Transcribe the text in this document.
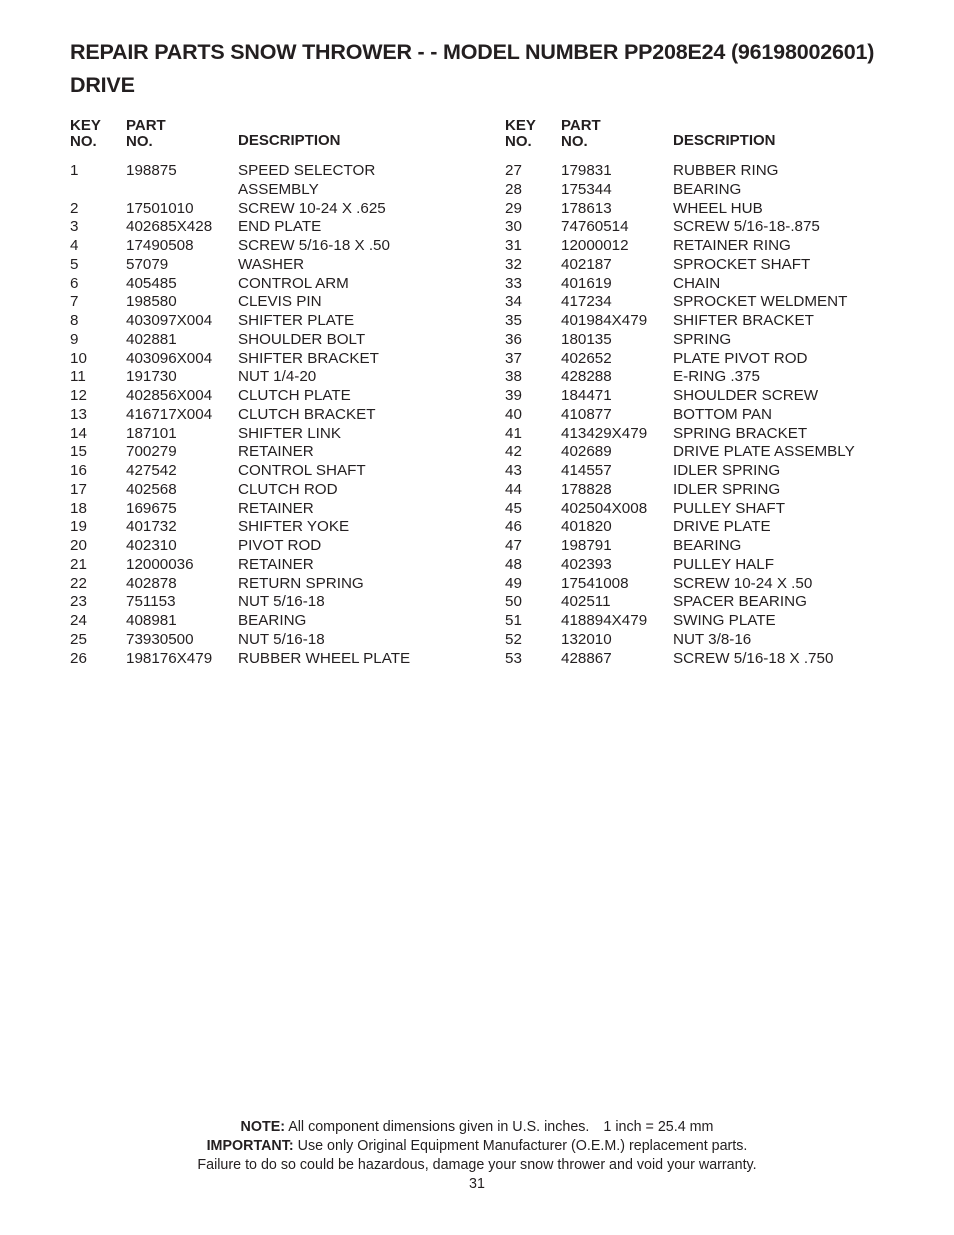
REPAIR PARTS SNOW THROWER - - MODEL NUMBER PP208E24 (96198002601)
DRIVE
KEY
NO.
PART
NO.	DESCRIPTION
1	198875	SPEED SELECTOR
ASSEMBLY
2	17501010	SCREW 10-24 X .625
3	402685X428 END PLATE
4	17490508	SCREW 5/16-18 X .50
5	57079	WASHER
6	405485	CONTROL ARM
7	198580	CLEVIS PIN
8	403097X004 SHIFTER PLATE
9	402881	SHOULDER BOLT
10	403096X004 SHIFTER BRACKET
11	191730	NUT 1/4-20
12	402856X004 CLUTCH PLATE
13	416717X004 CLUTCH BRACKET
14	187101	SHIFTER LINK
15	700279	RETAINER
16	427542	CONTROL SHAFT
17	402568	CLUTCH ROD
18	169675	RETAINER
19	401732	SHIFTER YOKE
20	402310	PIVOT ROD
21	12000036	RETAINER
22	402878	RETURN SPRING
23	751153	NUT 5/16-18
24	408981	BEARING
25	73930500	NUT 5/16-18
26	198176X479 RUBBER WHEEL PLATE
KEY
NO.
PART
NO.	DESCRIPTION
27	179831	RUBBER RING
28	175344	BEARING
29	178613	WHEEL HUB
30	74760514	SCREW 5/16-18-.875
31	12000012	RETAINER RING
32	402187	SPROCKET SHAFT
33	401619	CHAIN
34	417234	SPROCKET WELDMENT
35	401984X479 SHIFTER BRACKET
36	180135	SPRING
37	402652	PLATE PIVOT ROD
38	428288	E-RING .375
39	184471	SHOULDER SCREW
40	410877	BOTTOM PAN
41	413429X479 SPRING BRACKET
42	402689	DRIVE PLATE ASSEMBLY
43	414557	IDLER SPRING
44	178828	IDLER SPRING
45	402504X008 PULLEY SHAFT
46	401820	DRIVE PLATE
47	198791	BEARING
48	402393	PULLEY HALF
49	17541008	SCREW 10-24 X .50
50	402511	SPACER BEARING
51	418894X479 SWING PLATE
52	132010	NUT 3/8-16
53	428867	SCREW 5/16-18 X .750
NOTE: All component dimensions given in U.S. inches. 1 inch = 25.4 mm
IMPORTANT: Use only Original Equipment Manufacturer (O.E.M.) replacement parts.
Failure to do so could be hazardous, damage your snow thrower and void your warranty.
31
